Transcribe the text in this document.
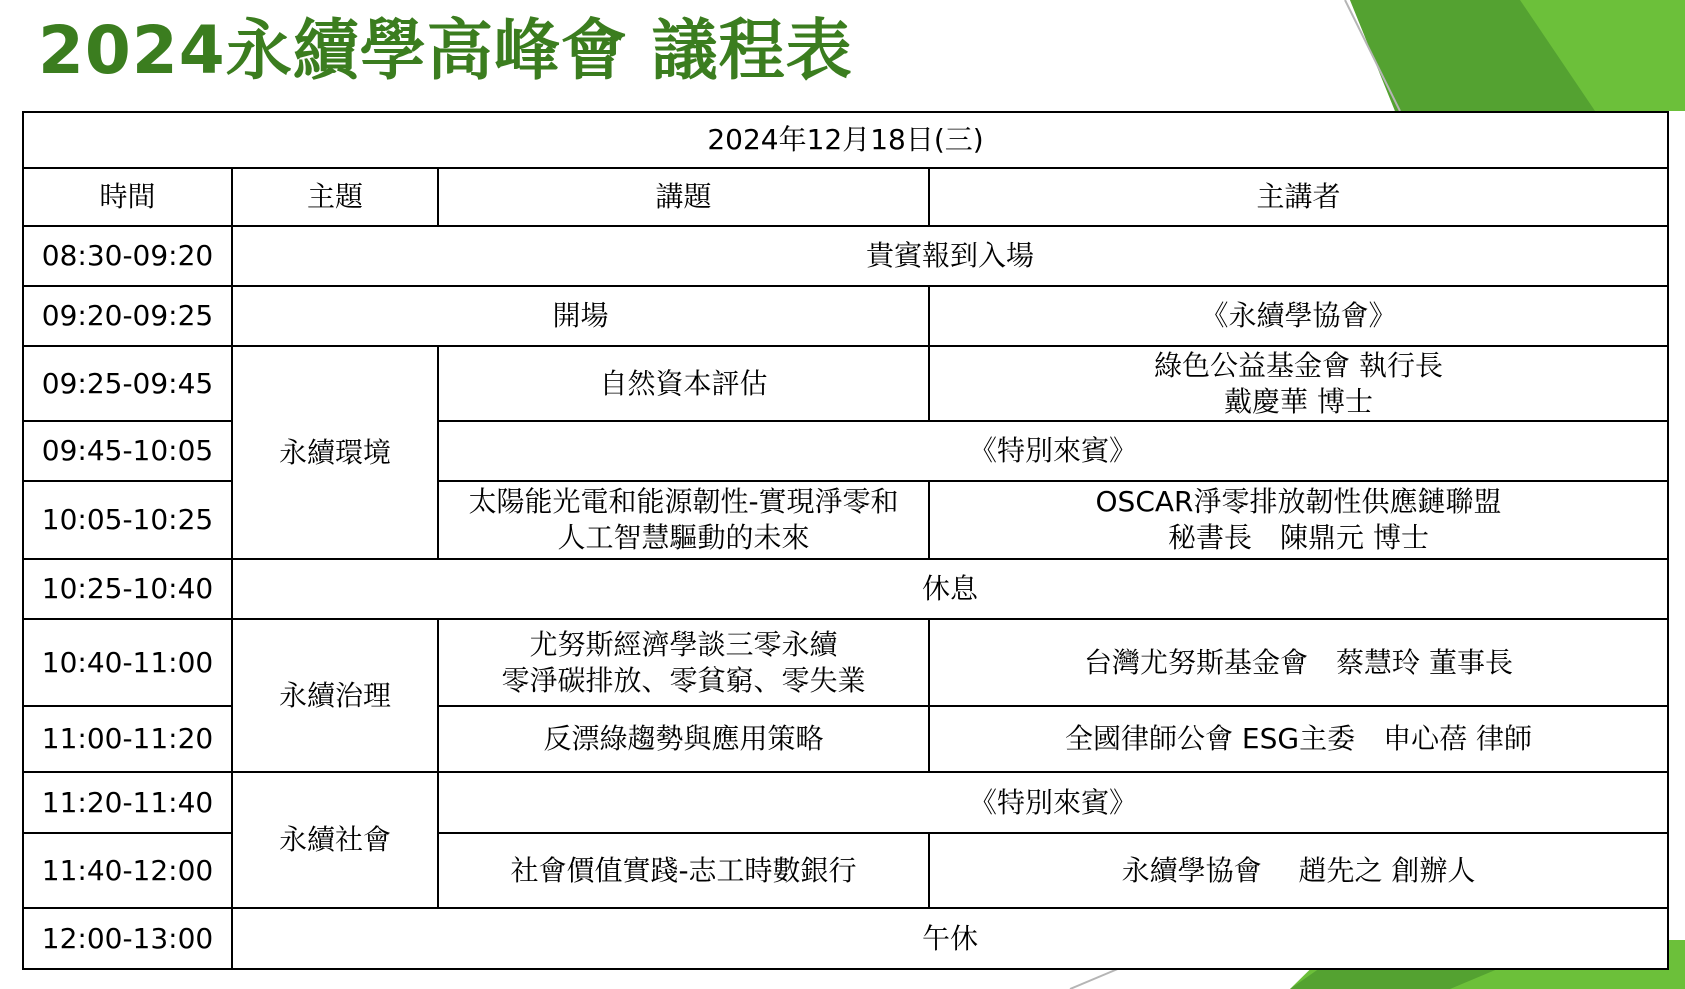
2024永續學高峰會 議程表
2024年12月18日(三)			
時間	主題	講題	主講者
08:30-09:20	貴賓報到入場		
09:20-09:25	開場		《永續學協會》
09:25-09:45	永續環境	自然資本評估	綠色公益基金會 執行長
戴慶華 博士

09:45-10:05		《特別來賓》	
10:05-10:25		太陽能光電和能源韌性-實現淨零和
人工智慧驅動的未來	OSCAR淨零排放韌性供應鏈聯盟
秘書長　陳鼎元 博士

10:25-10:40	休息		
10:40-11:00	永續治理	尤努斯經濟學談三零永續
零淨碳排放、零貧窮、零失業	台灣尤努斯基金會　蔡慧玲 董事長
11:00-11:20		反漂綠趨勢與應用策略	全國律師公會 ESG主委　申心蓓 律師
11:20-11:40	永續社會	《特別來賓》	
11:40-12:00		社會價值實踐-志工時數銀行	永續學協會　 趙先之 創辦人
12:00-13:00	午休		
